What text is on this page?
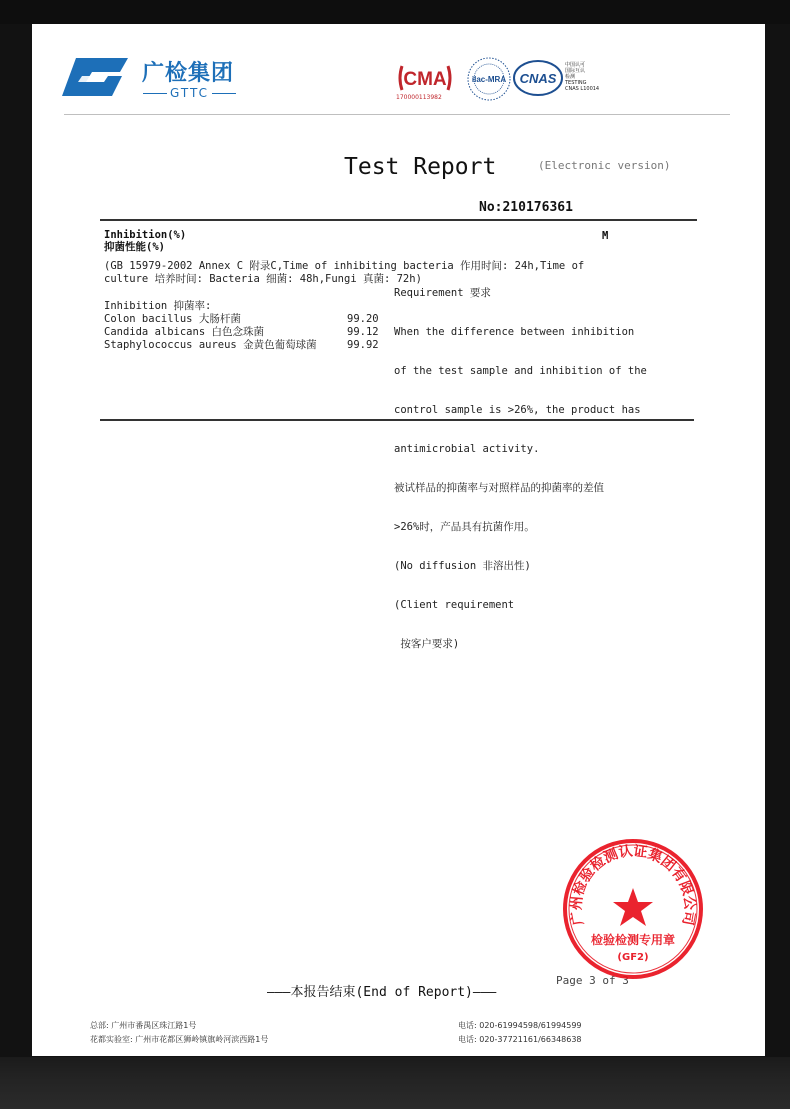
广检集团
GTTC
CMA
170000113982
ilac-MRA CNAS
中国认可
国际互认
检测
TESTING
CNAS L10014
Test Report	(Electronic version)
No:210176361
Inhibition(%)
抑菌性能(%)
M
(GB 15979-2002 Annex C 附录C,Time of inhibiting bacteria 作用时间: 24h,Time of
culture 培养时间: Bacteria 细菌: 48h,Fungi 真菌: 72h)
Requirement 要求
Inhibition 抑菌率:
Colon bacillus 大肠杆菌	99.20
Candida albicans 白色念珠菌	99.12
Staphylococcus aureus 金黄色葡萄球菌	99.92

When the difference between inhibition

of the test sample and inhibition of the

control sample is >26%, the product has

antimicrobial activity.

被试样品的抑菌率与对照样品的抑菌率的差值

>26%时，产品具有抗菌作用。

(No diffusion 非溶出性)

(Client requirement

按客户要求)

Page 3 of 3
广州检验检测认证集团有限公司
检验检测专用章
(GF2)
———本报告结束(End of Report)———
总部: 广州市番禺区珠江路1号
花都实验室: 广州市花都区狮岭镇旗岭河滨西路1号
电话: 020-61994598/61994599
电话: 020-37721161/66348638
